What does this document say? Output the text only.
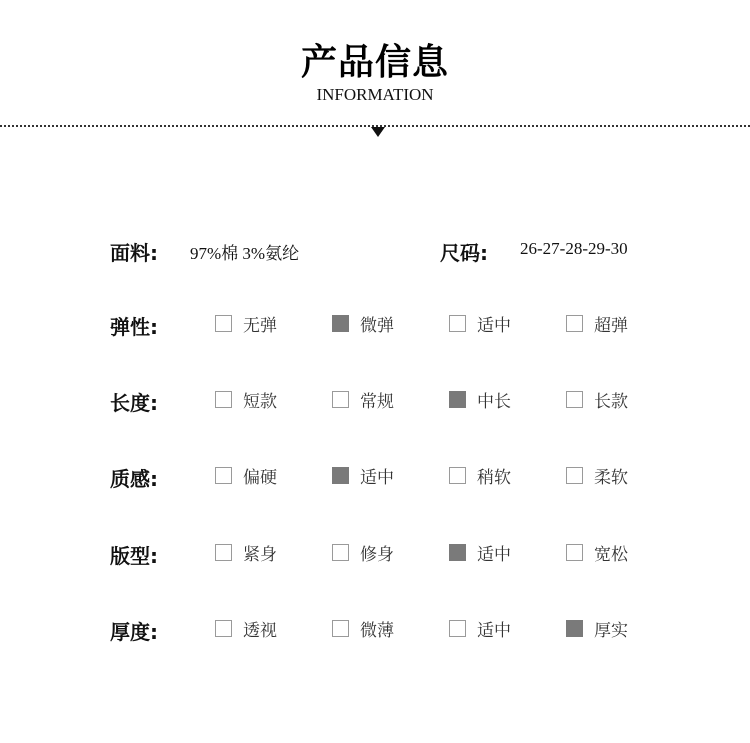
产品信息
INFORMATION
面料: 97%棉 3%氨纶	尺码: 26-27-28-29-30
弹性:	无弹	微弹	适中	超弹
长度:	短款	常规	中长	长款
质感:	偏硬	适中	稍软	柔软
版型:	紧身	修身	适中	宽松
厚度:	透视	微薄	适中	厚实
